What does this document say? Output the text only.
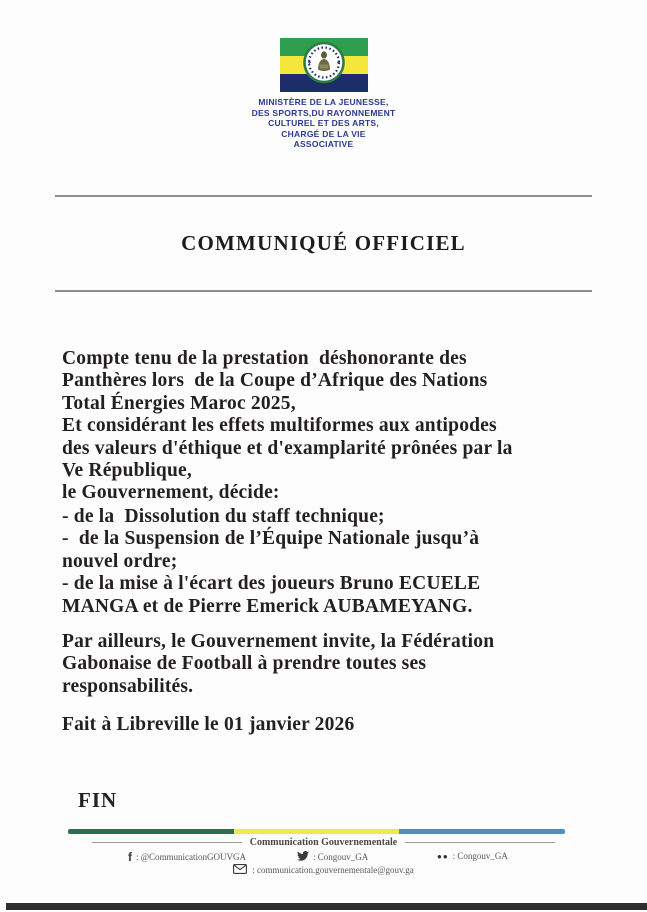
MINISTÈRE DE LA JEUNESSE,
DES SPORTS,DU RAYONNEMENT
CULTUREL ET DES ARTS,
CHARGÉ DE LA VIE
ASSOCIATIVE
COMMUNIQUÉ OFFICIEL
Compte tenu de la prestation  déshonorante des
Panthères lors  de la Coupe d’Afrique des Nations
Total Énergies Maroc 2025,
Et considérant les effets multiformes aux antipodes
des valeurs d'éthique et d'examplarité prônées par la
Ve République,
le Gouvernement, décide:
- de la  Dissolution du staff technique;
-  de la Suspension de l’Équipe Nationale jusqu’à
nouvel ordre;
- de la mise à l'écart des joueurs Bruno ECUELE
MANGA et de Pierre Emerick AUBAMEYANG.
Par ailleurs, le Gouvernement invite, la Fédération
Gabonaise de Football à prendre toutes ses
responsabilités.
Fait à Libreville le 01 janvier 2026
FIN
Communication Gouvernementale
f : @CommunicationGOUVGA	: Congouv_GA	●● : Congouv_GA
: communication.gouvernementale@gouv.ga
